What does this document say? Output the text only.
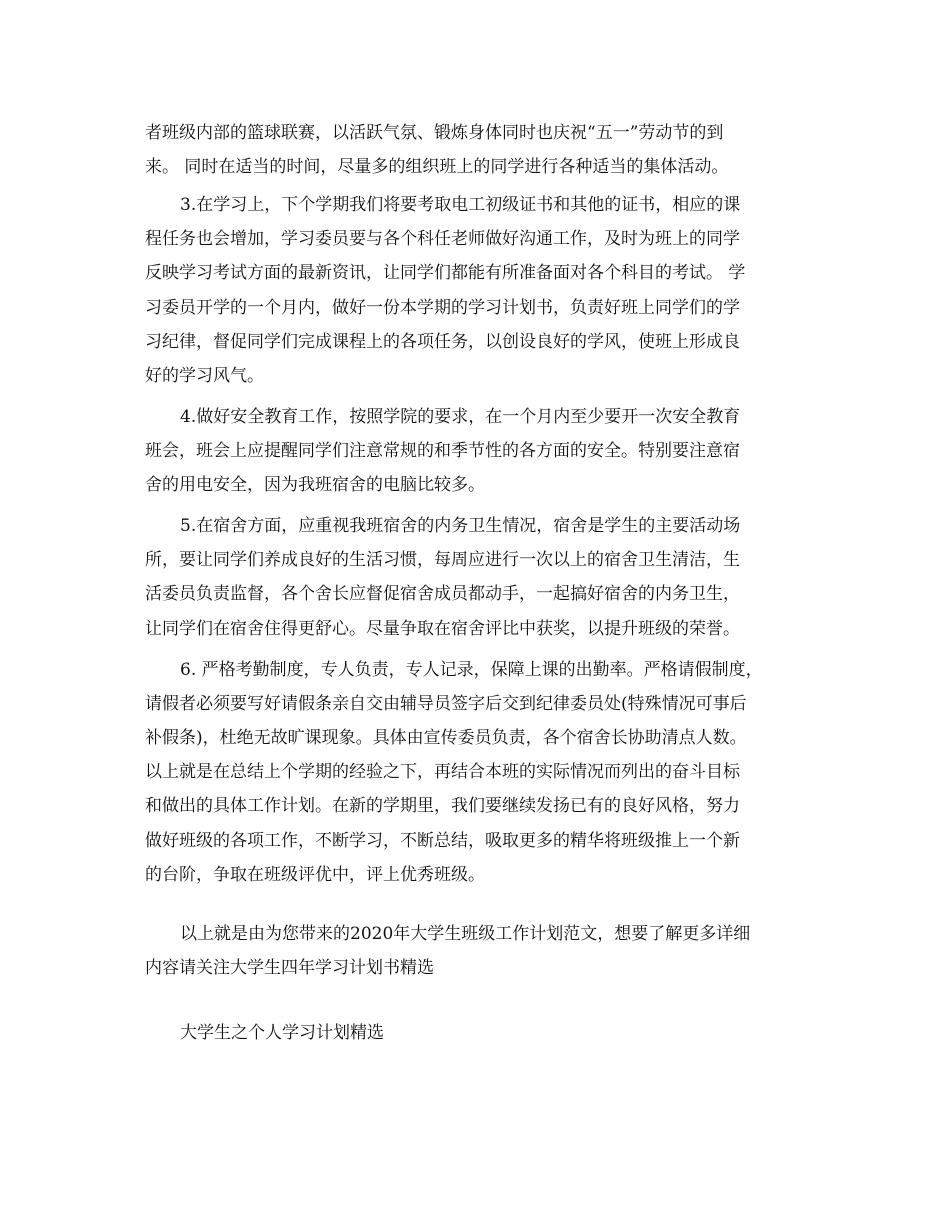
者班级内部的篮球联赛，以活跃气氛、锻炼身体同时也庆祝“五一”劳动节的到
来。 同时在适当的时间，尽量多的组织班上的同学进行各种适当的集体活动。
3.在学习上，下个学期我们将要考取电工初级证书和其他的证书，相应的课
程任务也会增加，学习委员要与各个科任老师做好沟通工作，及时为班上的同学
反映学习考试方面的最新资讯，让同学们都能有所准备面对各个科目的考试。 学
习委员开学的一个月内，做好一份本学期的学习计划书，负责好班上同学们的学
习纪律，督促同学们完成课程上的各项任务，以创设良好的学风，使班上形成良
好的学习风气。
4.做好安全教育工作，按照学院的要求，在一个月内至少要开一次安全教育
班会，班会上应提醒同学们注意常规的和季节性的各方面的安全。特别要注意宿
舍的用电安全，因为我班宿舍的电脑比较多。
5.在宿舍方面，应重视我班宿舍的内务卫生情况，宿舍是学生的主要活动场
所，要让同学们养成良好的生活习惯，每周应进行一次以上的宿舍卫生清洁，生
活委员负责监督，各个舍长应督促宿舍成员都动手，一起搞好宿舍的内务卫生，
让同学们在宿舍住得更舒心。尽量争取在宿舍评比中获奖，以提升班级的荣誉。
6. 严格考勤制度，专人负责，专人记录，保障上课的出勤率。严格请假制度，
请假者必须要写好请假条亲自交由辅导员签字后交到纪律委员处(特殊情况可事后
补假条)，杜绝无故旷课现象。具体由宣传委员负责，各个宿舍长协助清点人数。
以上就是在总结上个学期的经验之下，再结合本班的实际情况而列出的奋斗目标
和做出的具体工作计划。在新的学期里，我们要继续发扬已有的良好风格，努力
做好班级的各项工作，不断学习，不断总结，吸取更多的精华将班级推上一个新
的台阶，争取在班级评优中，评上优秀班级。
以上就是由为您带来的2020年大学生班级工作计划范文，想要了解更多详细
内容请关注大学生四年学习计划书精选
大学生之个人学习计划精选
